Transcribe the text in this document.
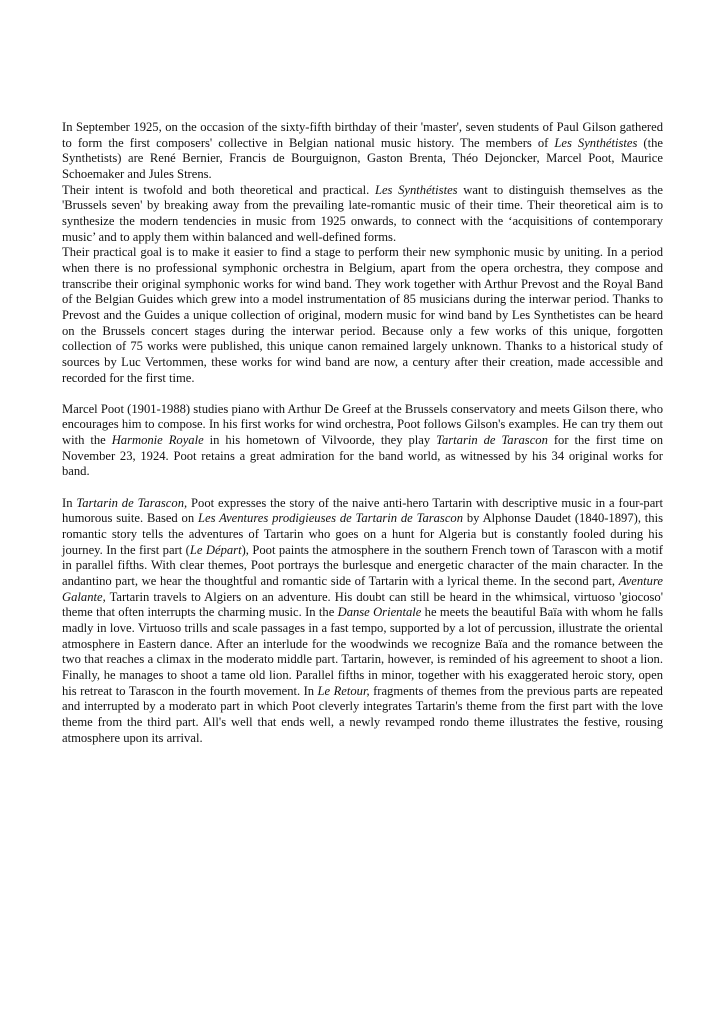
In September 1925, on the occasion of the sixty-fifth birthday of their 'master', seven students of Paul Gilson gathered to form the first composers' collective in Belgian national music history. The members of Les Synthétistes (the Synthetists) are René Bernier, Francis de Bourguignon, Gaston Brenta, Théo Dejoncker, Marcel Poot, Maurice Schoemaker and Jules Strens.

Their intent is twofold and both theoretical and practical. Les Synthétistes want to distinguish themselves as the 'Brussels seven' by breaking away from the prevailing late-romantic music of their time. Their theoretical aim is to synthesize the modern tendencies in music from 1925 onwards, to connect with the ‘acquisitions of contemporary music’ and to apply them within balanced and well-defined forms.

Their practical goal is to make it easier to find a stage to perform their new symphonic music by uniting. In a period when there is no professional symphonic orchestra in Belgium, apart from the opera orchestra, they compose and transcribe their original symphonic works for wind band. They work together with Arthur Prevost and the Royal Band of the Belgian Guides which grew into a model instrumentation of 85 musicians during the interwar period. Thanks to Prevost and the Guides a unique collection of original, modern music for wind band by Les Synthetistes can be heard on the Brussels concert stages during the interwar period. Because only a few works of this unique, forgotten collection of 75 works were published, this unique canon remained largely unknown. Thanks to a historical study of sources by Luc Vertommen, these works for wind band are now, a century after their creation, made accessible and recorded for the first time.

Marcel Poot (1901-1988) studies piano with Arthur De Greef at the Brussels conservatory and meets Gilson there, who encourages him to compose. In his first works for wind orchestra, Poot follows Gilson's examples. He can try them out with the Harmonie Royale in his hometown of Vilvoorde, they play Tartarin de Tarascon for the first time on November 23, 1924. Poot retains a great admiration for the band world, as witnessed by his 34 original works for band.

In Tartarin de Tarascon, Poot expresses the story of the naive anti-hero Tartarin with descriptive music in a four-part humorous suite. Based on Les Aventures prodigieuses de Tartarin de Tarascon by Alphonse Daudet (1840-1897), this romantic story tells the adventures of Tartarin who goes on a hunt for Algeria but is constantly fooled during his journey. In the first part (Le Départ), Poot paints the atmosphere in the southern French town of Tarascon with a motif in parallel fifths. With clear themes, Poot portrays the burlesque and energetic character of the main character. In the andantino part, we hear the thoughtful and romantic side of Tartarin with a lyrical theme. In the second part, Aventure Galante, Tartarin travels to Algiers on an adventure. His doubt can still be heard in the whimsical, virtuoso 'giocoso' theme that often interrupts the charming music. In the Danse Orientale he meets the beautiful Baïa with whom he falls madly in love. Virtuoso trills and scale passages in a fast tempo, supported by a lot of percussion, illustrate the oriental atmosphere in Eastern dance. After an interlude for the woodwinds we recognize Baïa and the romance between the two that reaches a climax in the moderato middle part. Tartarin, however, is reminded of his agreement to shoot a lion. Finally, he manages to shoot a tame old lion. Parallel fifths in minor, together with his exaggerated heroic story, open his retreat to Tarascon in the fourth movement. In Le Retour, fragments of themes from the previous parts are repeated and interrupted by a moderato part in which Poot cleverly integrates Tartarin's theme from the first part with the love theme from the third part. All's well that ends well, a newly revamped rondo theme illustrates the festive, rousing atmosphere upon its arrival.
